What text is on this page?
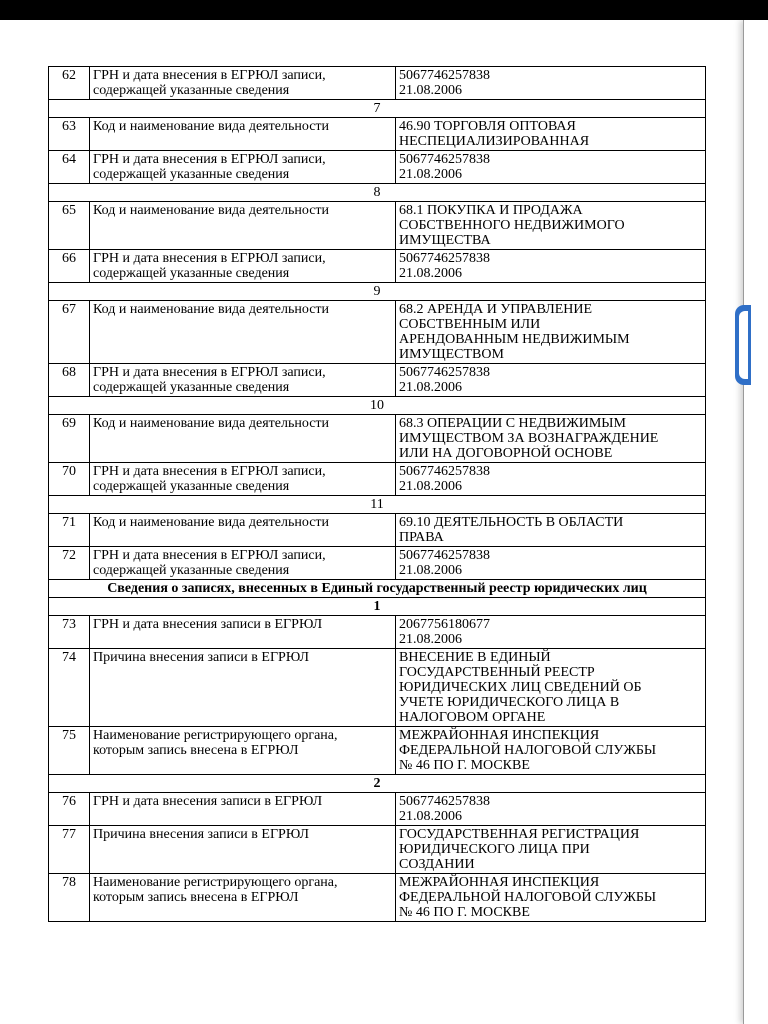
62	ГРН и дата внесения в ЕГРЮЛ записи,
содержащей указанные сведения	5067746257838
21.08.2006

7		
63	Код и наименование вида деятельности	46.90 ТОРГОВЛЯ ОПТОВАЯ
НЕСПЕЦИАЛИЗИРОВАННАЯ

64	ГРН и дата внесения в ЕГРЮЛ записи,
содержащей указанные сведения	5067746257838
21.08.2006

8		
65	Код и наименование вида деятельности	68.1 ПОКУПКА И ПРОДАЖА
СОБСТВЕННОГО НЕДВИЖИМОГО
ИМУЩЕСТВА

66	ГРН и дата внесения в ЕГРЮЛ записи,
содержащей указанные сведения	5067746257838
21.08.2006

9		
67	Код и наименование вида деятельности	68.2 АРЕНДА И УПРАВЛЕНИЕ
СОБСТВЕННЫМ ИЛИ
АРЕНДОВАННЫМ НЕДВИЖИМЫМ
ИМУЩЕСТВОМ

68	ГРН и дата внесения в ЕГРЮЛ записи,
содержащей указанные сведения	5067746257838
21.08.2006

10		
69	Код и наименование вида деятельности	68.3 ОПЕРАЦИИ С НЕДВИЖИМЫМ
ИМУЩЕСТВОМ ЗА ВОЗНАГРАЖДЕНИЕ
ИЛИ НА ДОГОВОРНОЙ ОСНОВЕ

70	ГРН и дата внесения в ЕГРЮЛ записи,
содержащей указанные сведения	5067746257838
21.08.2006

11		
71	Код и наименование вида деятельности	69.10 ДЕЯТЕЛЬНОСТЬ В ОБЛАСТИ
ПРАВА

72	ГРН и дата внесения в ЕГРЮЛ записи,
содержащей указанные сведения	5067746257838
21.08.2006

Сведения о записях, внесенных в Единый государственный реестр юридических лиц		
1		
73	ГРН и дата внесения записи в ЕГРЮЛ	2067756180677
21.08.2006

74	Причина внесения записи в ЕГРЮЛ	ВНЕСЕНИЕ В ЕДИНЫЙ
ГОСУДАРСТВЕННЫЙ РЕЕСТР
ЮРИДИЧЕСКИХ ЛИЦ СВЕДЕНИЙ ОБ
УЧЕТЕ ЮРИДИЧЕСКОГО ЛИЦА В
НАЛОГОВОМ ОРГАНЕ

75	Наименование регистрирующего органа,
которым запись внесена в ЕГРЮЛ	МЕЖРАЙОННАЯ ИНСПЕКЦИЯ
ФЕДЕРАЛЬНОЙ НАЛОГОВОЙ СЛУЖБЫ
№ 46 ПО Г. МОСКВЕ

2		
76	ГРН и дата внесения записи в ЕГРЮЛ	5067746257838
21.08.2006

77	Причина внесения записи в ЕГРЮЛ	ГОСУДАРСТВЕННАЯ РЕГИСТРАЦИЯ
ЮРИДИЧЕСКОГО ЛИЦА ПРИ
СОЗДАНИИ

78	Наименование регистрирующего органа,
которым запись внесена в ЕГРЮЛ	МЕЖРАЙОННАЯ ИНСПЕКЦИЯ
ФЕДЕРАЛЬНОЙ НАЛОГОВОЙ СЛУЖБЫ
№ 46 ПО Г. МОСКВЕ
